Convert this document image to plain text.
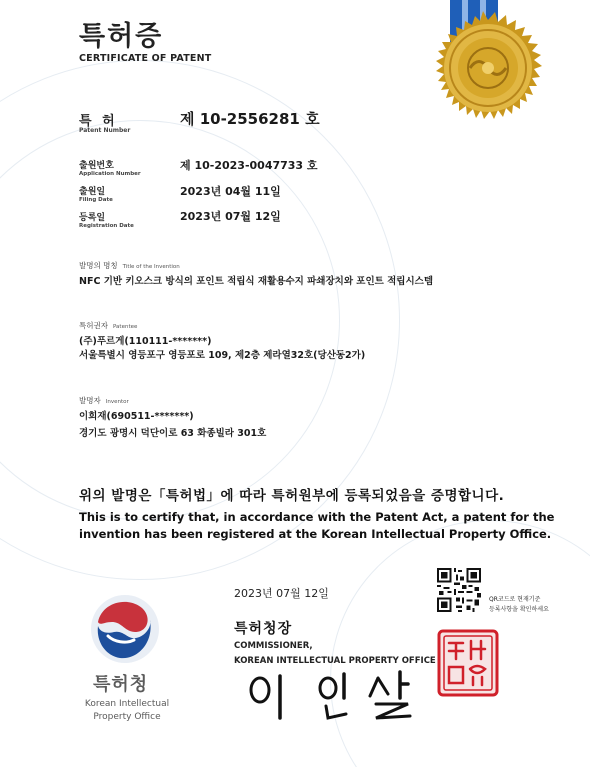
특허증
CERTIFICATE OF PATENT
특 허
Patent Number
제 10-2556281 호
출원번호
Application Number
제 10-2023-0047733 호
출원일
Filing Date
2023년 04월 11일
등록일
Registration Date
2023년 07월 12일
발명의 명칭 Title of the Invention
NFC 기반 키오스크 방식의 포인트 적립식 재활용수지 파쇄장치와 포인트 적립시스템
특허권자 Patentee
(주)푸르게(110111-*******)
서울특별시 영등포구 영등포로 109, 제2층 제라열32호(당산동2가)
발명자 Inventor
이희재(690511-*******)
경기도 광명시 덕단이로 63 화종빌라 301호
위의 발명은「특허법」에 따라 특허원부에 등록되었음을 증명합니다.
This is to certify that, in accordance with the Patent Act, a patent for the
invention has been registered at the Korean Intellectual Property Office.
특허청
Korean Intellectual
Property Office
2023년 07월 12일
특허청장
COMMISSIONER,
KOREAN INTELLECTUAL PROPERTY OFFICE
QR코드로 현재기준
등록사항을 확인하세요
